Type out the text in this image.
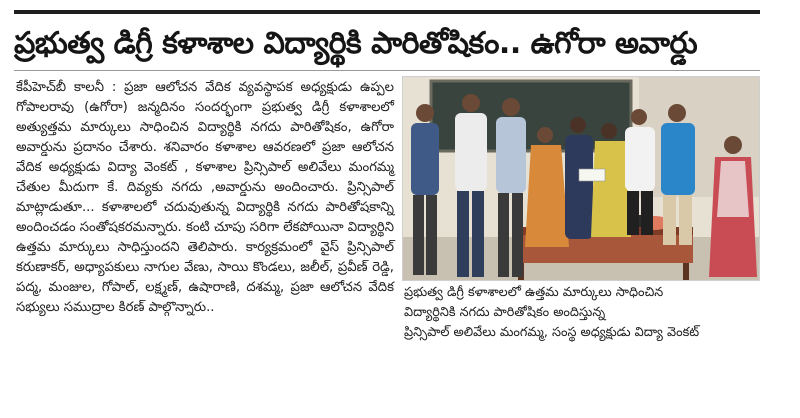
ప్రభుత్వ డిగ్రీ కళాశాల విద్యార్థికి పారితోషికం.. ఉగోరా అవార్డు

కేపీహెచ్‌బీ కాలనీ : ప్రజా ఆలోచన వేదిక వ్యవస్థాపక అధ్యక్షుడు ఉప్పల గోపాలరావు (ఉగోరా) జన్మదినం సందర్భంగా ప్రభుత్వ డిగ్రీ కళాశాలలో అత్యుత్తమ మార్కులు సాధించిన విద్యార్థికి నగదు పారితోషికం, ఉగోరా అవార్డును ప్రదానం చేశారు. శనివారం కళాశాల ఆవరణలో ప్రజా ఆలోచన వేదిక అధ్యక్షుడు విద్యా వెంకట్ , కళాశాల ప్రిన్సిపాల్ అలివేలు మంగమ్మ చేతుల మీదుగా కే. దివ్యకు నగదు ,అవార్డును అందించారు. ప్రిన్సిపాల్ మాట్లాడుతూ... కళాశాలలో చదువుతున్న విద్యార్థికి నగదు పారితోషకాన్ని అందించడం సంతోషకరమన్నారు. కంటి చూపు సరిగా లేకపోయినా విద్యార్థిని ఉత్తమ మార్కులు సాధిస్తుందని తెలిపారు. కార్యక్రమంలో వైస్ ప్రిన్సిపాల్ కరుణాకర్, అధ్యాపకులు నాగుల వేణు, సాయి కొండలు, జలీల్, ప్రవీణ్ రెడ్డి, పద్మ, మంజుల, గోపాల్, లక్ష్మణ్, ఉషారాణి, దశమ్మ, ప్రజా ఆలోచన వేదిక సభ్యులు సముద్రాల కిరణ్ పాల్గొన్నారు..

ప్రభుత్వ డిగ్రీ కళాశాలలో ఉత్తమ మార్కులు సాధించిన
విద్యార్థినికి నగదు పారితోషికం అందిస్తున్న
ప్రిన్సిపాల్ అలివేలు మంగమ్మ, సంస్థ అధ్యక్షుడు విద్యా వెంకట్
